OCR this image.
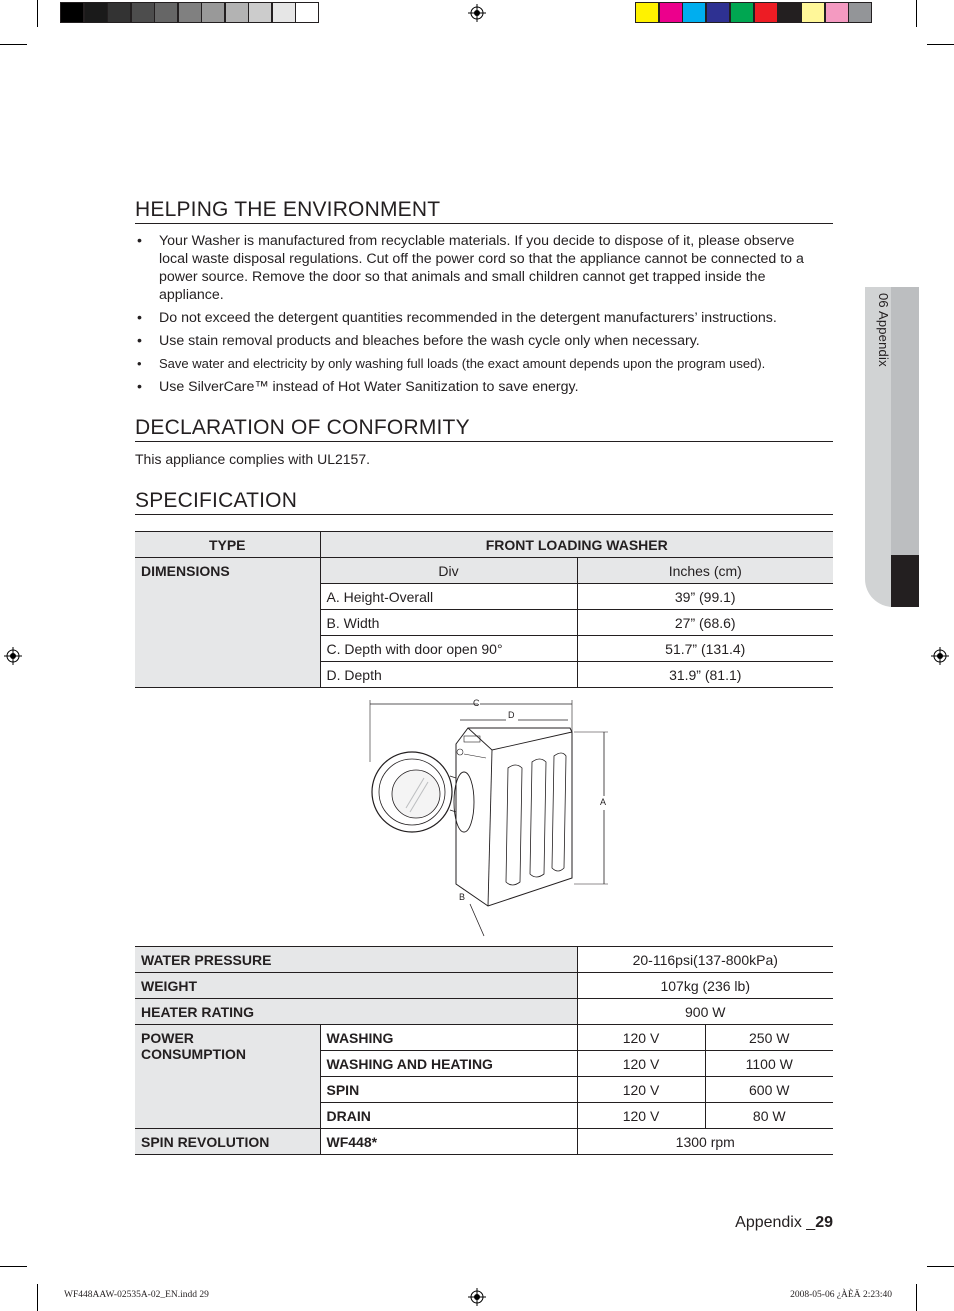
06 Appendix
HELPING THE ENVIRONMENT
• Your Washer is manufactured from recyclable materials. If you decide to dispose of it, please observe local waste disposal regulations. Cut off the power cord so that the appliance cannot be connected to a power source. Remove the door so that animals and small children cannot get trapped inside the appliance.
• Do not exceed the detergent quantities recommended in the detergent manufacturers’ instructions.
• Use stain removal products and bleaches before the wash cycle only when necessary.
• Save water and electricity by only washing full loads (the exact amount depends upon the program used).
• Use SilverCare™ instead of Hot Water Sanitization to save energy.
DECLARATION OF CONFORMITY
This appliance complies with UL2157.
SPECIFICATION
TYPE	FRONT LOADING WASHER	
DIMENSIONS	Div	Inches (cm)
	A. Height-Overall	39” (99.1)
	B. Width	27” (68.6)
	C. Depth with door open 90°	51.7” (131.4)
	D. Depth	31.9” (81.1)
C
D
A
B
WATER PRESSURE		20-116psi(137-800kPa)	
WEIGHT		107kg (236 lb)	
HEATER RATING		900 W	
POWER CONSUMPTION	WASHING	120 V	250 W
	WASHING AND HEATING	120 V	1100 W
	SPIN	120 V	600 W
	DRAIN	120 V	80 W
SPIN REVOLUTION	WF448*	1300 rpm	
Appendix _29
WF448AAW-02535A-02_EN.indd 29	2008-05-06 ¿ÀÈÄ 2:23:40
